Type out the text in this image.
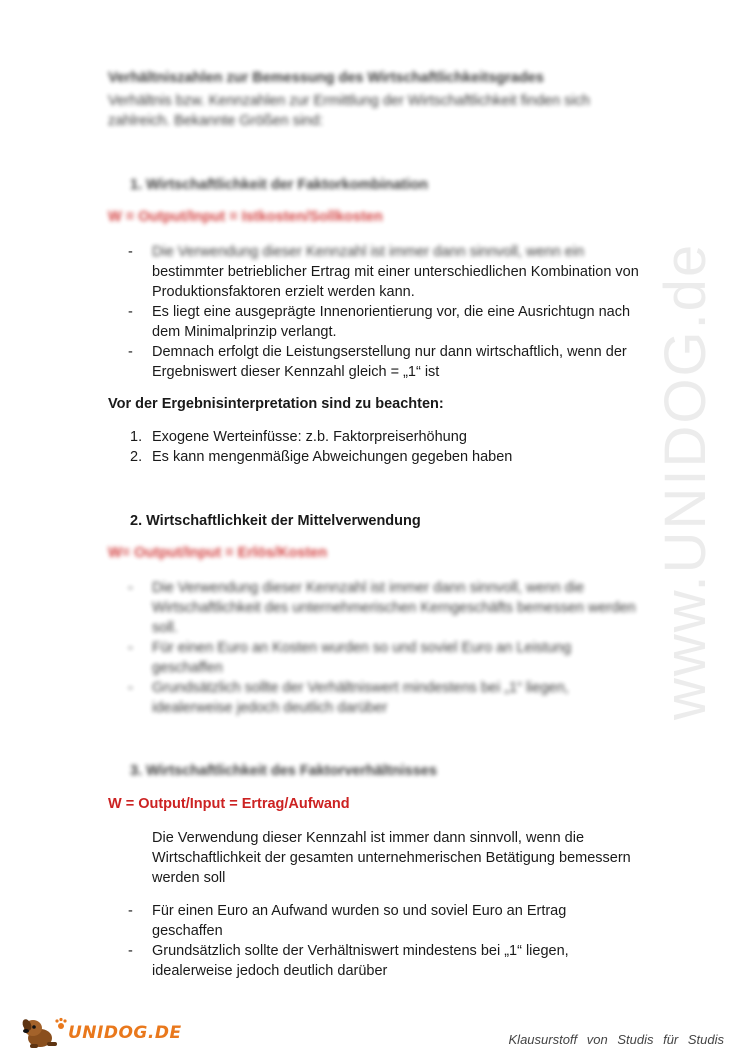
www.UNIDOG.de
Verhältniszahlen zur Bemessung des Wirtschaftlichkeitsgrades
Verhältnis bzw. Kennzahlen zur Ermittlung der Wirtschaftlichkeit finden sich
zahlreich. Bekannte Größen sind:
1. Wirtschaftlichkeit der Faktorkombination
W = Output/Input = Istkosten/Sollkosten
- Die Verwendung dieser Kennzahl ist immer dann sinnvoll, wenn ein
bestimmter betrieblicher Ertrag mit einer unterschiedlichen Kombination von
Produktionsfaktoren erzielt werden kann.
- Es liegt eine ausgeprägte Innenorientierung vor, die eine Ausrichtugn nach
dem Minimalprinzip verlangt.
- Demnach erfolgt die Leistungserstellung nur dann wirtschaftlich, wenn der
Ergebniswert dieser Kennzahl gleich = „1“ ist
Vor der Ergebnisinterpretation sind zu beachten:
1. Exogene Werteinfüsse: z.b. Faktorpreiserhöhung
2. Es kann mengenmäßige Abweichungen gegeben haben
2. Wirtschaftlichkeit der Mittelverwendung
W= Output/Input = Erlös/Kosten
- Die Verwendung dieser Kennzahl ist immer dann sinnvoll, wenn die
Wirtschaftlichkeit des unternehmerischen Kerngeschäfts bemessen werden
soll.
- Für einen Euro an Kosten wurden so und soviel Euro an Leistung
geschaffen
- Grundsätzlich sollte der Verhältniswert mindestens bei „1“ liegen,
idealerweise jedoch deutlich darüber
3. Wirtschaftlichkeit des Faktorverhältnisses
W = Output/Input = Ertrag/Aufwand
Die Verwendung dieser Kennzahl ist immer dann sinnvoll, wenn die
Wirtschaftlichkeit der gesamten unternehmerischen Betätigung bemessern
werden soll
- Für einen Euro an Aufwand wurden so und soviel Euro an Ertrag
geschaffen
- Grundsätzlich sollte der Verhältniswert mindestens bei „1“ liegen,
idealerweise jedoch deutlich darüber
UNIDOG.DE	Klausurstoff von Studis für Studis
